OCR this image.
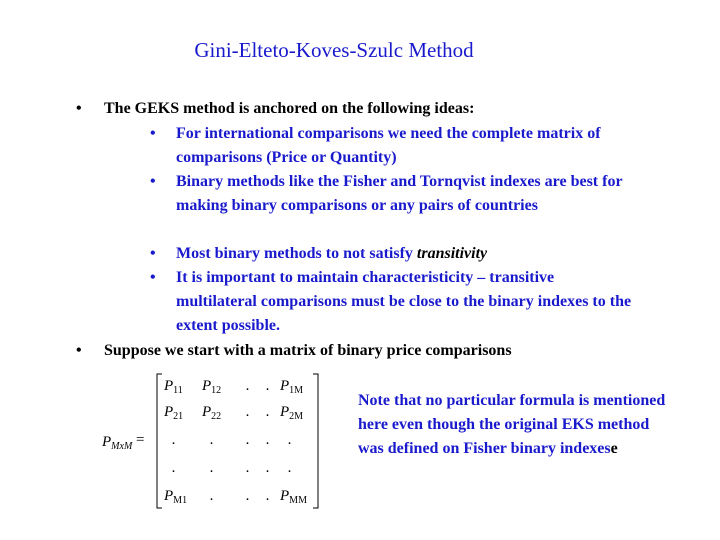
Gini-Elteto-Koves-Szulc Method
• The GEKS method is anchored on the following ideas:
• For international comparisons we need the complete matrix of comparisons (Price or Quantity)
• Binary methods like the Fisher and Tornqvist indexes are best for making binary comparisons or any pairs of countries
• Most binary methods to not satisfy transitivity
• It is important to maintain characteristicity – transitive multilateral comparisons must be close to the binary indexes to the extent possible.
• Suppose we start with a matrix of binary price comparisons
$P_{MxM}$ =
$P_{11}$ $P_{12}$ . . $P_{1M}$
$P_{21}$ $P_{22}$ . . $P_{2M}$
. . . . .
. . . . .
$P_{M1}$ . . . $P_{MM}$
Note that no particular formula is mentioned here even though the original EKS method was defined on Fisher binary indexese
